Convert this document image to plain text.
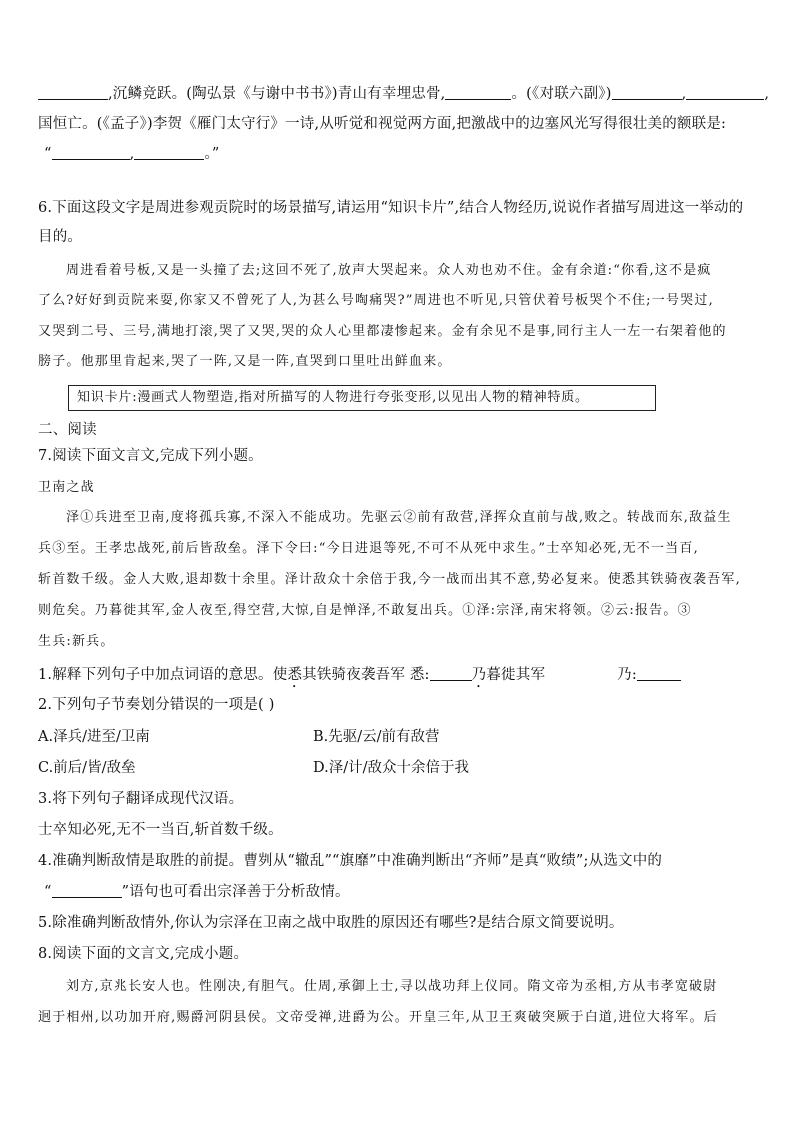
,沉鳞竞跃。(陶弘景《与谢中书书》)青山有幸埋忠骨,	。(《对联六副》)	,	,
国恒亡。(《孟子》)李贺《雁门太守行》一诗,从听觉和视觉两方面,把激战中的边塞风光写得很壮美的额联是:
“	,	。”
6.下面这段文字是周进参观贡院时的场景描写,请运用“知识卡片”,结合人物经历,说说作者描写周进这一举动的
目的。
周进看着号板,又是一头撞了去;这回不死了,放声大哭起来。众人劝也劝不住。金有余道:“你看,这不是疯
了么?好好到贡院来耍,你家又不曾死了人,为甚么号啕痛哭?”周进也不听见,只管伏着号板哭个不住;一号哭过,
又哭到二号、三号,满地打滚,哭了又哭,哭的众人心里都凄惨起来。金有余见不是事,同行主人一左一右架着他的
膀子。他那里肯起来,哭了一阵,又是一阵,直哭到口里吐出鲜血来。
知识卡片:漫画式人物塑造,指对所描写的人物进行夸张变形,以见出人物的精神特质。
二、阅读
7.阅读下面文言文,完成下列小题。
卫南之战
泽①兵进至卫南,度将孤兵寡,不深入不能成功。先驱云②前有敌营,泽挥众直前与战,败之。转战而东,敌益生
兵③至。王孝忠战死,前后皆敌垒。泽下令曰:“今日进退等死,不可不从死中求生。”士卒知必死,无不一当百,
斩首数千级。金人大败,退却数十余里。泽计敌众十余倍于我,今一战而出其不意,势必复来。使悉其铁骑夜袭吾军,
则危矣。乃暮徙其军,金人夜至,得空营,大惊,自是惮泽,不敢复出兵。①泽:宗泽,南宋将领。②云:报告。③
生兵:新兵。
1.解释下列句子中加点词语的意思。使悉其铁骑夜袭吾军 悉:	乃暮徙其军	乃:
2.下列句子节奏划分错误的一项是( )
A.泽兵/进至/卫南	B.先驱/云/前有敌营
C.前后/皆/敌垒	D.泽/计/敌众十余倍于我
3.将下列句子翻译成现代汉语。
士卒知必死,无不一当百,斩首数千级。
4.准确判断敌情是取胜的前提。曹刿从“辙乱”“旗靡”中准确判断出“齐师”是真“败绩”;从选文中的
“	”语句也可看出宗泽善于分析敌情。
5.除准确判断敌情外,你认为宗泽在卫南之战中取胜的原因还有哪些?是结合原文简要说明。
8.阅读下面的文言文,完成小题。
刘方,京兆长安人也。性刚决,有胆气。仕周,承御上士,寻以战功拜上仪同。隋文帝为丞相,方从韦孝宽破尉
迥于相州,以功加开府,赐爵河阴县侯。文帝受禅,进爵为公。开皇三年,从卫王爽破突厥于白道,进位大将军。后
